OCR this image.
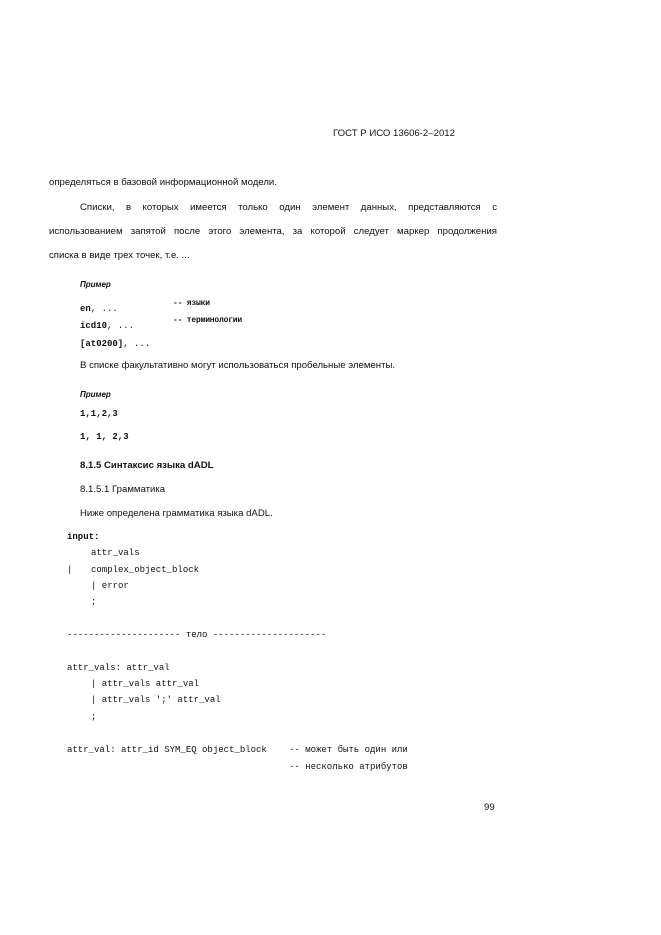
ГОСТ Р ИСО 13606-2–2012
определяться в базовой информационной модели.
Списки, в которых имеется только один элемент данных, представляются с
использованием запятой после этого элемента, за которой следует маркер продолжения
списка в виде трех точек, т.е. ...
Пример
en, ...
-- языки
icd10, ...
-- терминологии
[at0200], ...
В списке факультативно могут использоваться пробельные элементы.
Пример
1,1,2,3
1, 1, 2,3
8.1.5 Синтаксис языка dADL
8.1.5.1 Грамматика
Ниже определена грамматика языка dADL.
input:
attr_vals
| complex_object_block
| error
;
--------------------- тело ---------------------
attr_vals: attr_val
| attr_vals attr_val
| attr_vals ';' attr_val
;
attr_val: attr_id SYM_EQ object_block -- может быть один или
-- несколько атрибутов
99
